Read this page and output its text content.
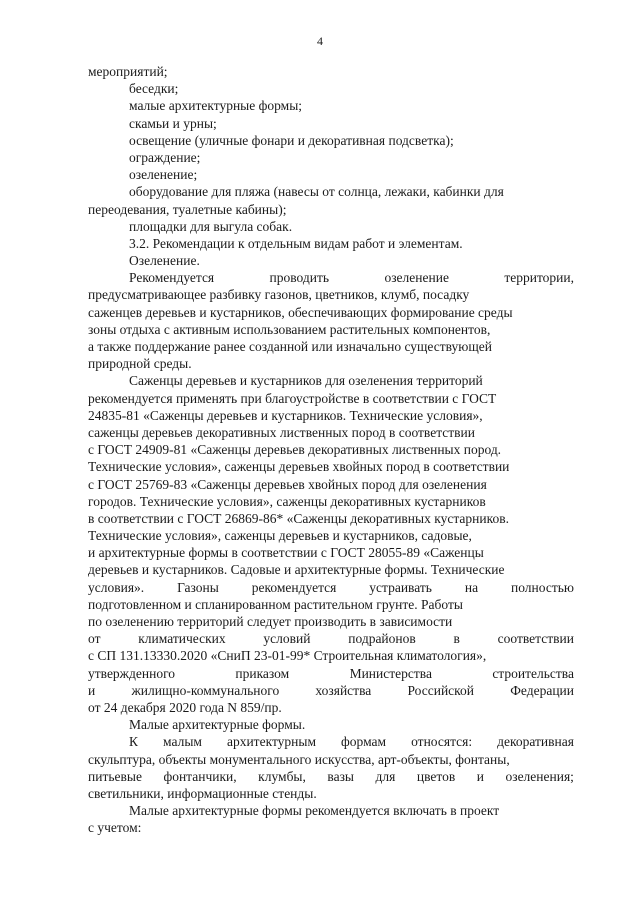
4
мероприятий;
беседки;
малые архитектурные формы;
скамьи и урны;
освещение (уличные фонари и декоративная подсветка);
ограждение;
озеленение;
оборудование для пляжа (навесы от солнца, лежаки, кабинки для
переодевания, туалетные кабины);
площадки для выгула собак.
3.2. Рекомендации к отдельным видам работ и элементам.
Озеленение.
Рекомендуется	проводить	озеленение	территории,
предусматривающее разбивку газонов, цветников, клумб, посадку
саженцев деревьев и кустарников, обеспечивающих формирование среды
зоны отдыха с активным использованием растительных компонентов,
а также поддержание ранее созданной или изначально существующей
природной среды.
Саженцы деревьев и кустарников для озеленения территорий
рекомендуется применять при благоустройстве в соответствии с ГОСТ
24835-81 «Саженцы деревьев и кустарников. Технические условия»,
саженцы деревьев декоративных лиственных пород в соответствии
с ГОСТ 24909-81 «Саженцы деревьев декоративных лиственных пород.
Технические условия», саженцы деревьев хвойных пород в соответствии
с ГОСТ 25769-83 «Саженцы деревьев хвойных пород для озеленения
городов. Технические условия», саженцы декоративных кустарников
в соответствии с ГОСТ 26869-86* «Саженцы декоративных кустарников.
Технические условия», саженцы деревьев и кустарников, садовые,
и архитектурные формы в соответствии с ГОСТ 28055-89 «Саженцы
деревьев и кустарников. Садовые и архитектурные формы. Технические
условия». Газоны рекомендуется устраивать на полностью
подготовленном и спланированном растительном грунте. Работы
по озеленению территорий следует производить в зависимости
от	климатических	условий	подрайонов	в	соответствии
с СП 131.13330.2020 «СниП 23-01-99* Строительная климатология»,
утвержденного	приказом	Министерства	строительства
и	жилищно-коммунального	хозяйства	Российской	Федерации
от 24 декабря 2020 года N 859/пр.
Малые архитектурные формы.
К малым архитектурным формам относятся: декоративная
скульптура, объекты монументального искусства, арт-объекты, фонтаны,
питьевые фонтанчики, клумбы, вазы для цветов и озеленения;
светильники, информационные стенды.
Малые архитектурные формы рекомендуется включать в проект
с учетом:
